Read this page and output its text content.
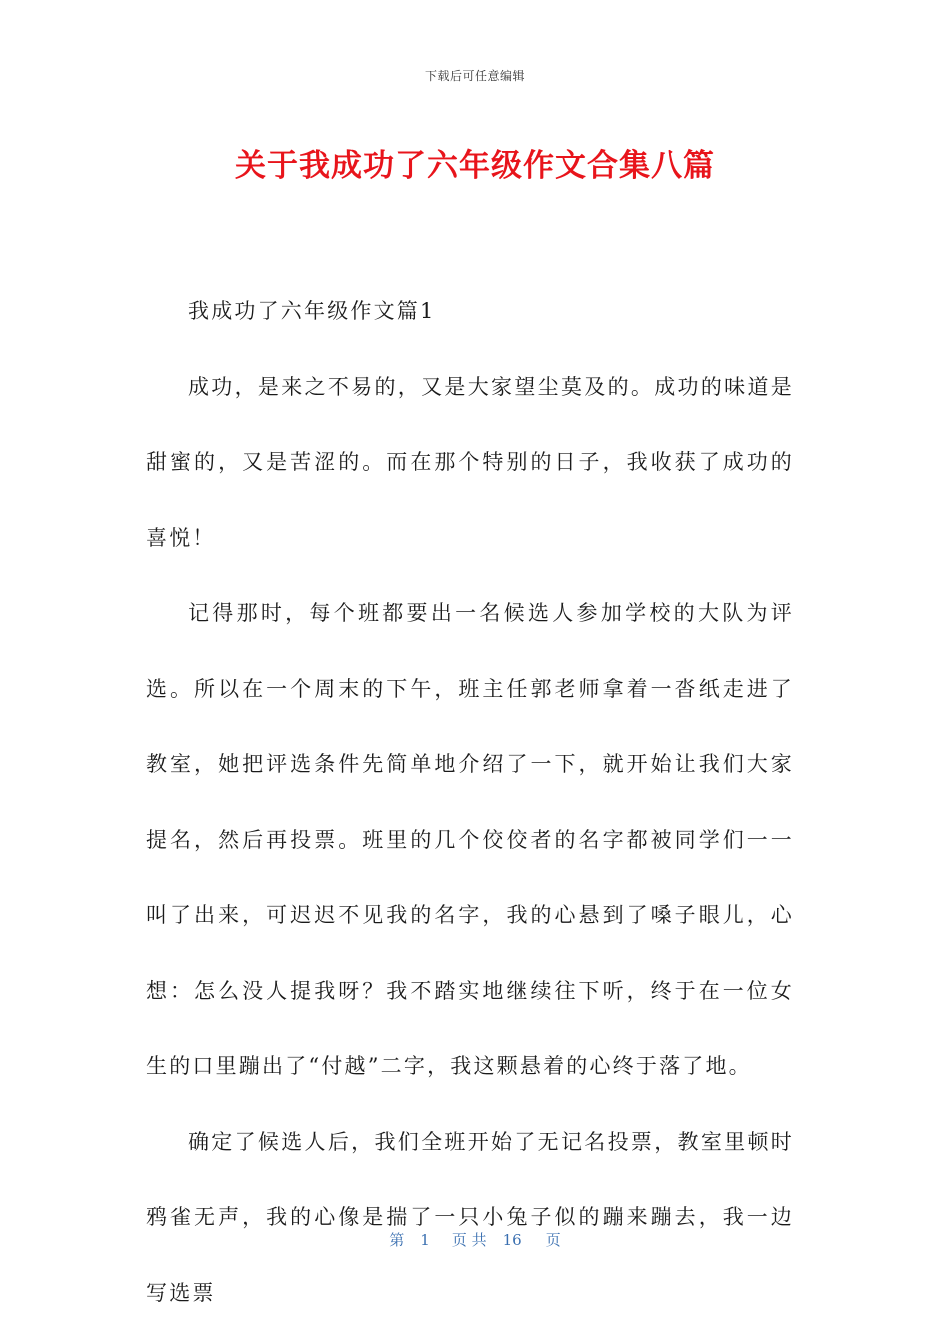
下载后可任意编辑
关于我成功了六年级作文合集八篇

我成功了六年级作文篇1

成功，是来之不易的，又是大家望尘莫及的。成功的味道是甜蜜的，又是苦涩的。而在那个特别的日子，我收获了成功的喜悦！

记得那时，每个班都要出一名候选人参加学校的大队为评选。所以在一个周末的下午，班主任郭老师拿着一沓纸走进了教室，她把评选条件先简单地介绍了一下，就开始让我们大家提名，然后再投票。班里的几个佼佼者的名字都被同学们一一叫了出来，可迟迟不见我的名字，我的心悬到了嗓子眼儿，心想：怎么没人提我呀？我不踏实地继续往下听，终于在一位女生的口里蹦出了“付越”二字，我这颗悬着的心终于落了地。

确定了候选人后，我们全班开始了无记名投票，教室里顿时鸦雀无声，我的心像是揣了一只小兔子似的蹦来蹦去，我一边写选票

第 1 页 共 16 页
